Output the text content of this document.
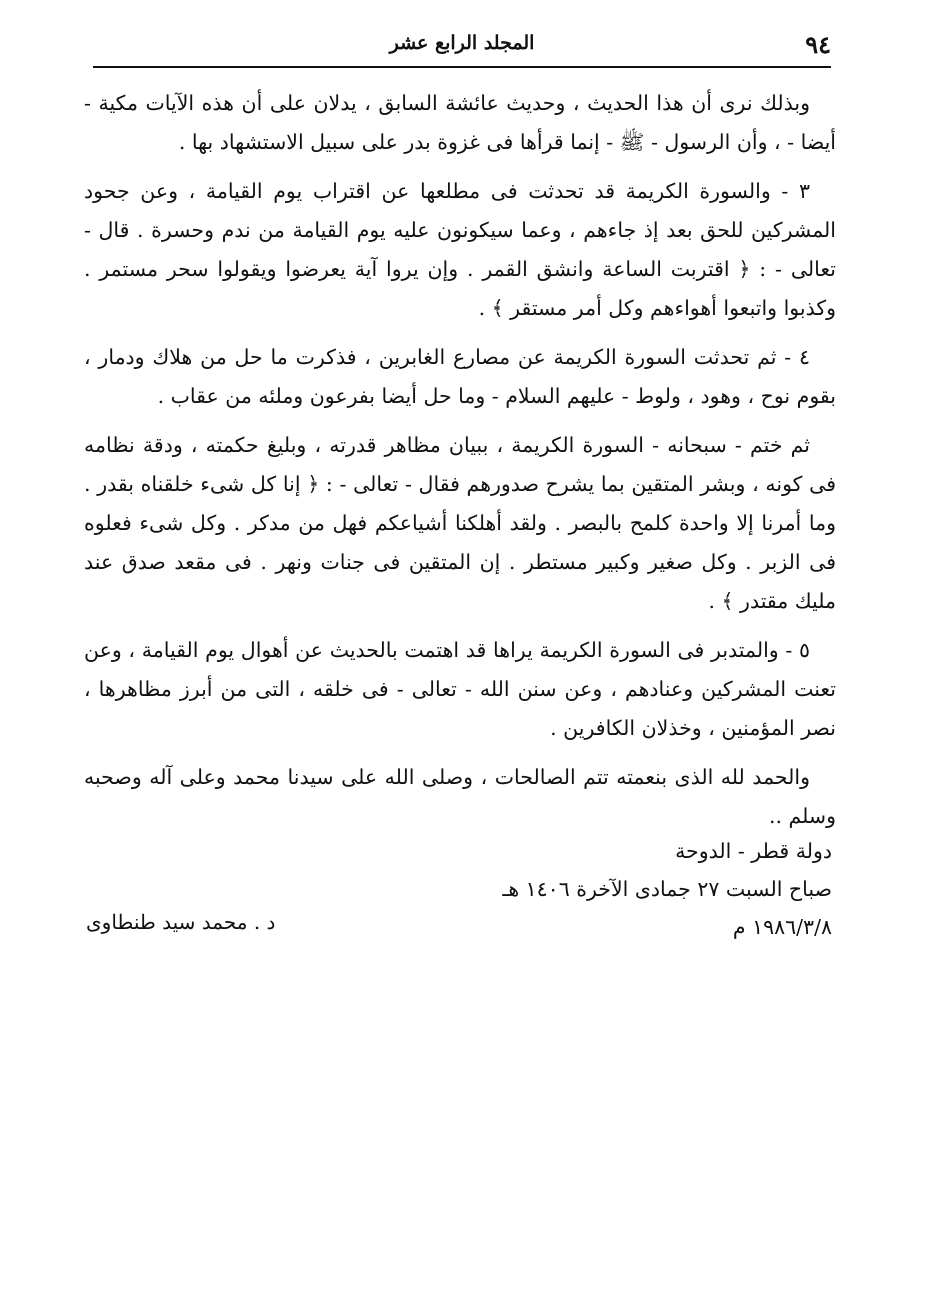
٩٤
المجلد الرابع عشر

وبذلك نرى أن هذا الحديث ، وحديث عائشة السابق ، يدلان على أن هذه الآيات مكية - أيضا - ، وأن الرسول - ﷺ - إنما قرأها فى غزوة بدر على سبيل الاستشهاد بها .

٣ - والسورة الكريمة قد تحدثت فى مطلعها عن اقتراب يوم القيامة ، وعن جحود المشركين للحق بعد إذ جاءهم ، وعما سيكونون عليه يوم القيامة من ندم وحسرة . قال - تعالى - : ﴿ اقتربت الساعة وانشق القمر . وإن يروا آية يعرضوا ويقولوا سحر مستمر . وكذبوا واتبعوا أهواءهم وكل أمر مستقر ﴾ .

٤ - ثم تحدثت السورة الكريمة عن مصارع الغابرين ، فذكرت ما حل من هلاك ودمار ، بقوم نوح ، وهود ، ولوط - عليهم السلام - وما حل أيضا بفرعون وملئه من عقاب .

ثم ختم - سبحانه - السورة الكريمة ، ببيان مظاهر قدرته ، وبليغ حكمته ، ودقة نظامه فى كونه ، وبشر المتقين بما يشرح صدورهم فقال - تعالى - : ﴿ إنا كل شىء خلقناه بقدر . وما أمرنا إلا واحدة كلمح بالبصر . ولقد أهلكنا أشياعكم فهل من مدكر . وكل شىء فعلوه فى الزبر . وكل صغير وكبير مستطر . إن المتقين فى جنات ونهر . فى مقعد صدق عند مليك مقتدر ﴾ .

٥ - والمتدبر فى السورة الكريمة يراها قد اهتمت بالحديث عن أهوال يوم القيامة ، وعن تعنت المشركين وعنادهم ، وعن سنن الله - تعالى - فى خلقه ، التى من أبرز مظاهرها ، نصر المؤمنين ، وخذلان الكافرين .

والحمد لله الذى بنعمته تتم الصالحات ، وصلى الله على سيدنا محمد وعلى آله وصحبه وسلم ..

دولة قطر - الدوحة
صباح السبت ٢٧ جمادى الآخرة ١٤٠٦ هـ
١٩٨٦/٣/٨ م
د . محمد سيد طنطاوى
